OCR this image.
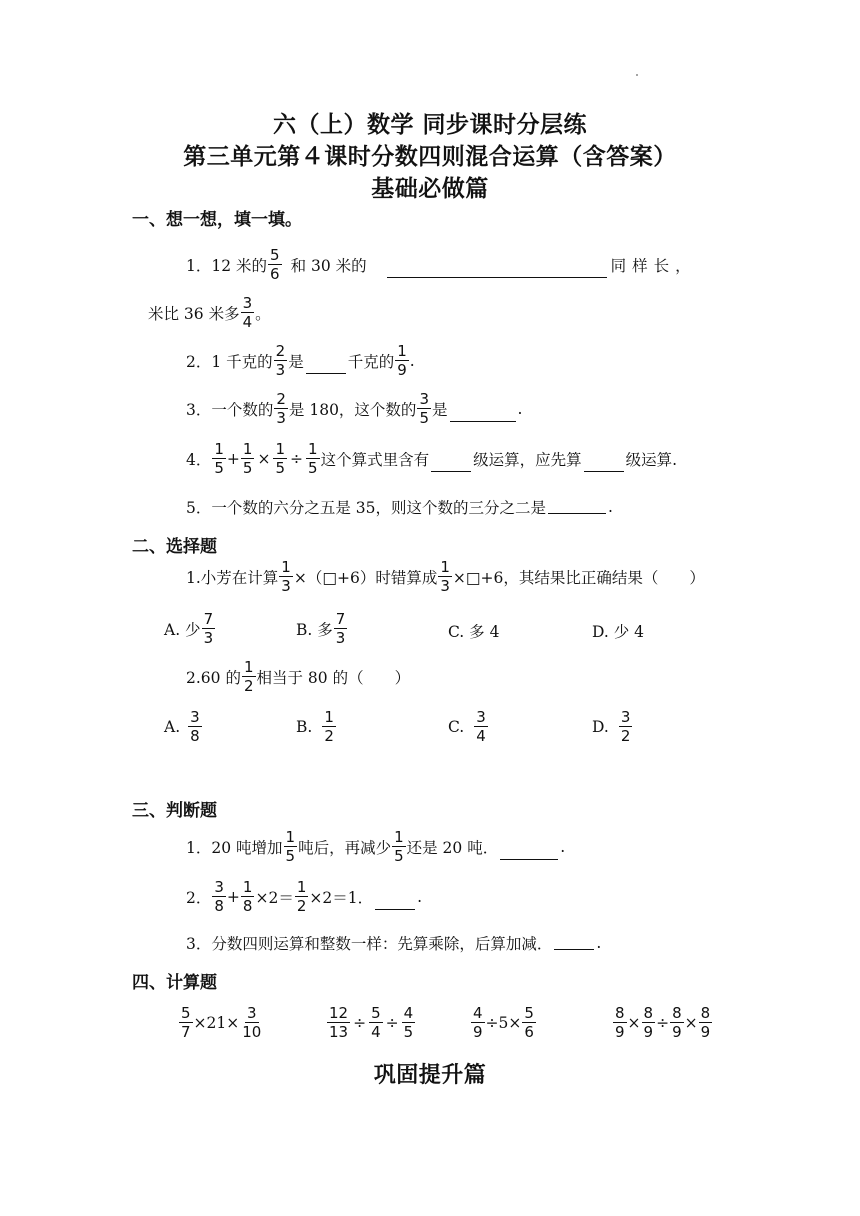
六（上）数学 同步课时分层练
第三单元第４课时分数四则混合运算（含答案）
基础必做篇
一、想一想，填一填。
1．12 米的 $\frac{5}{6}$ 和 30 米的	同样长，
米比 36 米多 $\frac{3}{4}$ 。
2．1 千克的 $\frac{2}{3}$ 是	千克的 $\frac{1}{9}$ .
3．一个数的 $\frac{2}{3}$ 是 180，这个数的 $\frac{3}{5}$ 是	.
4． $\frac{1}{5} + \frac{1}{5} \times \frac{1}{5} \div \frac{1}{5}$ 这个算式里含有	级运算，应先算	级运算.
5．一个数的六分之五是 35，则这个数的三分之二是	.
二、选择题
1.小芳在计算 $\frac{1}{3}$ ×（□+6）时错算成 $\frac{1}{3}$ ×□+6，其结果比正确结果（　　）
A. 少 $\frac{7}{3}$	B. 多 $\frac{7}{3}$	C. 多 4	D. 少 4
2.60 的 $\frac{1}{2}$ 相当于 80 的（　　）
A. $\frac{3}{8}$	B. $\frac{1}{2}$	C. $\frac{3}{4}$	D. $\frac{3}{2}$
三、判断题
1．20 吨增加 $\frac{1}{5}$ 吨后，再减少 $\frac{1}{5}$ 还是 20 吨．	.
2． $\frac{3}{8} + \frac{1}{8} \times 2= \frac{1}{2} \times 2=1$．	.
3．分数四则运算和整数一样：先算乘除，后算加减．	.
四、计算题
$\frac{5}{7} \times 21\times \frac{3}{10}$	$\frac{12}{13} \div \frac{5}{4} \div \frac{4}{5}$	$\frac{4}{9} \div 5\times \frac{5}{6}$	$\frac{8}{9} \times \frac{8}{9} \div \frac{8}{9} \times \frac{8}{9}$
巩固提升篇
